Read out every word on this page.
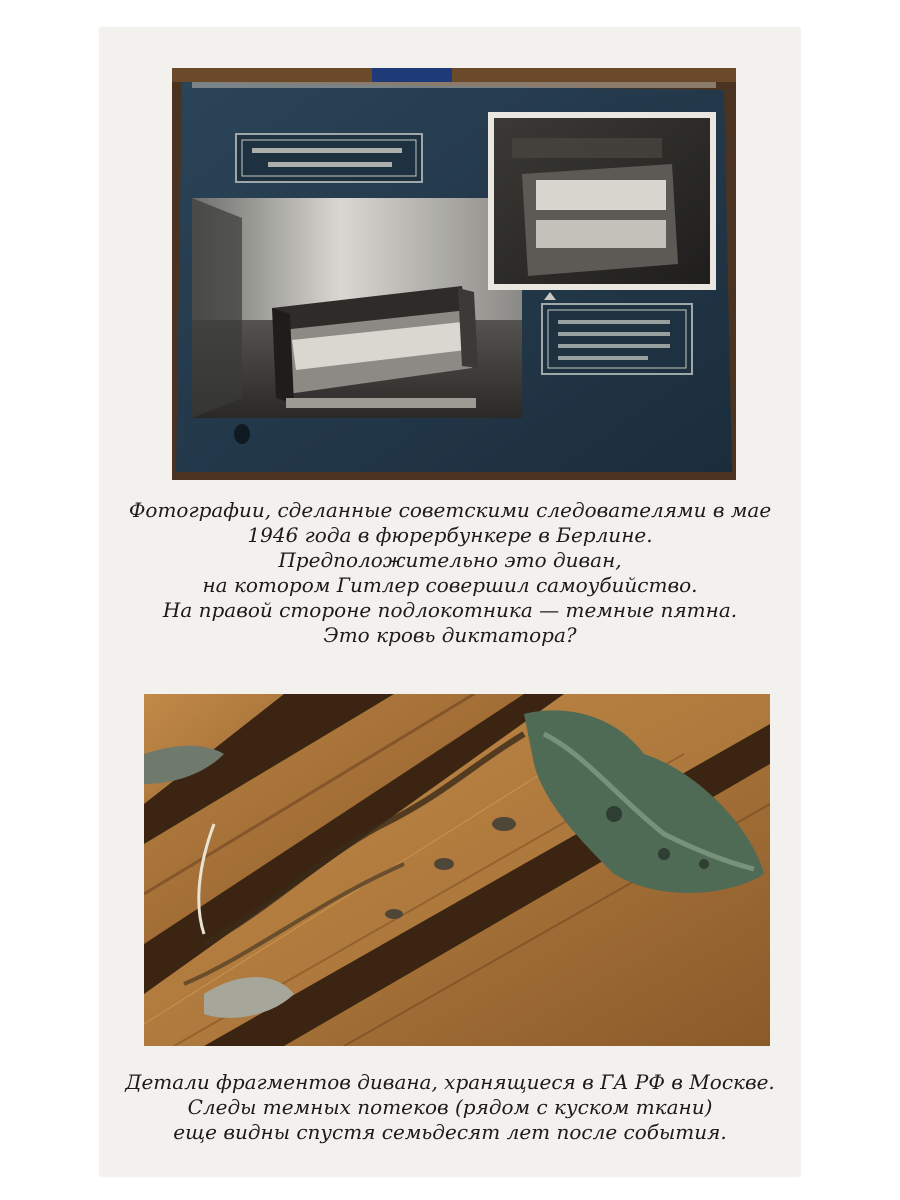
Фотографии, сделанные советскими следователями в мае
1946 года в фюрербункере в Берлине.
Предположительно это диван,
на котором Гитлер совершил самоубийство.
На правой стороне подлокотника — темные пятна.
Это кровь диктатора?
Детали фрагментов дивана, хранящиеся в ГА РФ в Москве.
Следы темных потеков (рядом с куском ткани)
еще видны спустя семьдесят лет после события.
